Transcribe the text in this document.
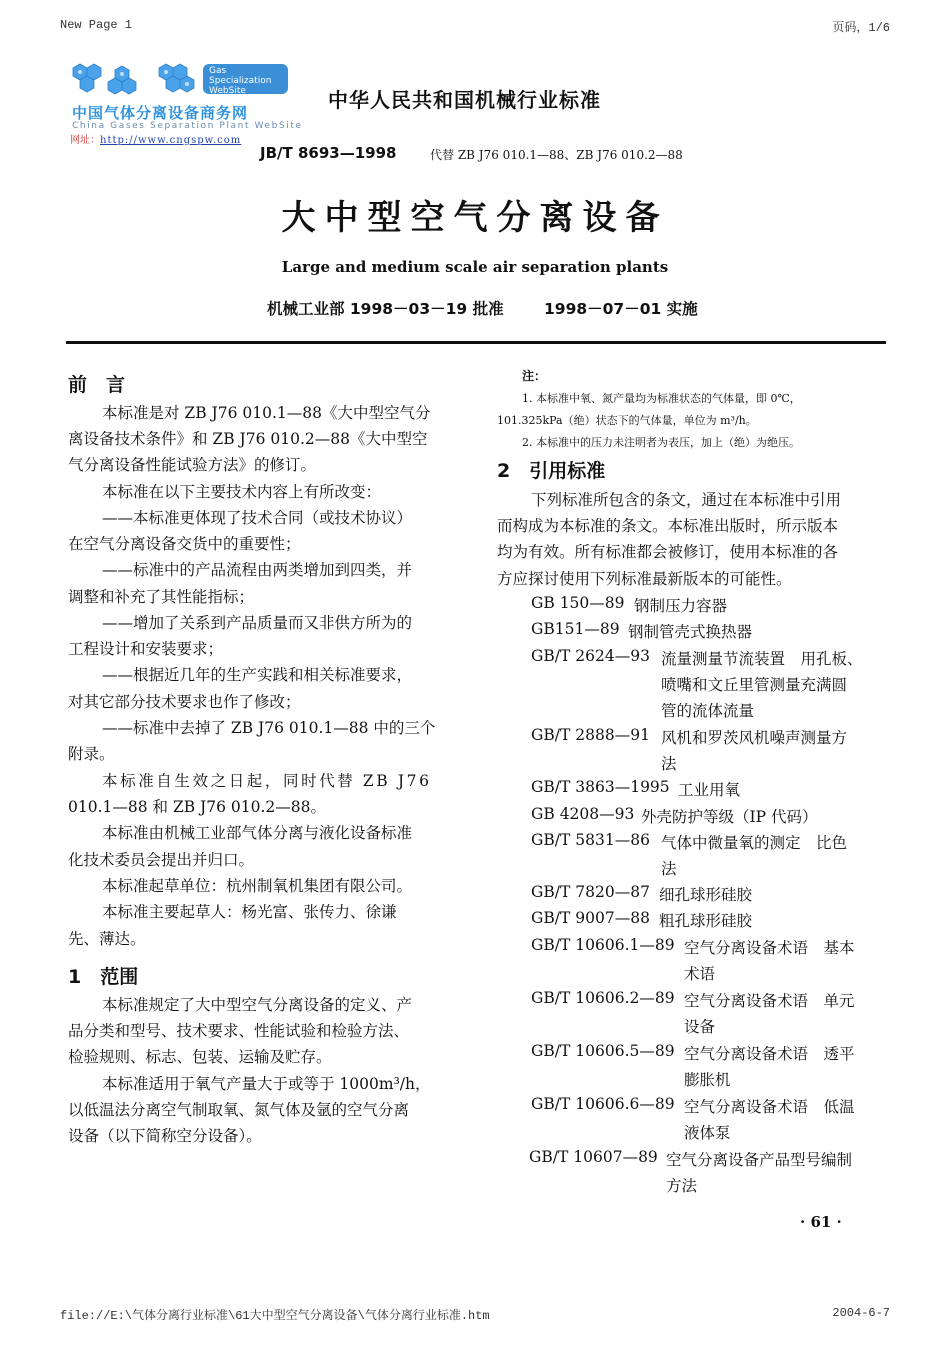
New Page 1	页码，1/6
Gas
Specialization
WebSite
中国气体分离设备商务网
China Gases Separation Plant WebSite
网址：http://www.cngspw.com
中华人民共和国机械行业标准
JB/T 8693—1998	代替 ZB J76 010.1—88、ZB J76 010.2—88
大中型空气分离设备
Large and medium scale air separation plants
机械工业部 1998－03－19 批准	1998－07－01 实施
前　言
本标准是对 ZB J76 010.1—88《大中型空气分
离设备技术条件》和 ZB J76 010.2—88《大中型空
气分离设备性能试验方法》的修订。
本标准在以下主要技术内容上有所改变：
——本标准更体现了技术合同（或技术协议）
在空气分离设备交货中的重要性；
——标准中的产品流程由两类增加到四类，并
调整和补充了其性能指标；
——增加了关系到产品质量而又非供方所为的
工程设计和安装要求；
——根据近几年的生产实践和相关标准要求，
对其它部分技术要求也作了修改；
——标准中去掉了 ZB J76 010.1—88 中的三个
附录。
本标准自生效之日起，同时代替 ZB J76
010.1—88 和 ZB J76 010.2—88。
本标准由机械工业部气体分离与液化设备标准
化技术委员会提出并归口。
本标准起草单位：杭州制氧机集团有限公司。
本标准主要起草人：杨光富、张传力、徐谦
先、薄达。
1　范围
本标准规定了大中型空气分离设备的定义、产
品分类和型号、技术要求、性能试验和检验方法、
检验规则、标志、包装、运输及贮存。
本标准适用于氧气产量大于或等于 1000m³/h，
以低温法分离空气制取氧、氮气体及氩的空气分离
设备（以下简称空分设备）。
注：
1. 本标准中氧、氮产量均为标准状态的气体量，即 0℃，
101.325kPa（绝）状态下的气体量，单位为 m³/h。
2. 本标准中的压力未注明者为表压，加上（绝）为绝压。
2　引用标准
下列标准所包含的条文，通过在本标准中引用
而构成为本标准的条文。本标准出版时，所示版本
均为有效。所有标准都会被修订，使用本标准的各
方应探讨使用下列标准最新版本的可能性。
GB 150—89 钢制压力容器
GB151—89 钢制管壳式换热器
GB/T 2624—93 流量测量节流装置　用孔板、
喷嘴和文丘里管测量充满圆
管的流体流量
GB/T 2888—91 风机和罗茨风机噪声测量方
法
GB/T 3863—1995 工业用氧
GB 4208—93 外壳防护等级（IP 代码）
GB/T 5831—86 气体中微量氧的测定　比色
法
GB/T 7820—87 细孔球形硅胶
GB/T 9007—88 粗孔球形硅胶
GB/T 10606.1—89 空气分离设备术语　基本
术语
GB/T 10606.2—89 空气分离设备术语　单元
设备
GB/T 10606.5—89 空气分离设备术语　透平
膨胀机
GB/T 10606.6—89 空气分离设备术语　低温
液体泵
GB/T 10607—89 空气分离设备产品型号编制
方法
· 61 ·
file://E:\气体分离行业标准\61大中型空气分离设备\气体分离行业标准.htm	2004-6-7
